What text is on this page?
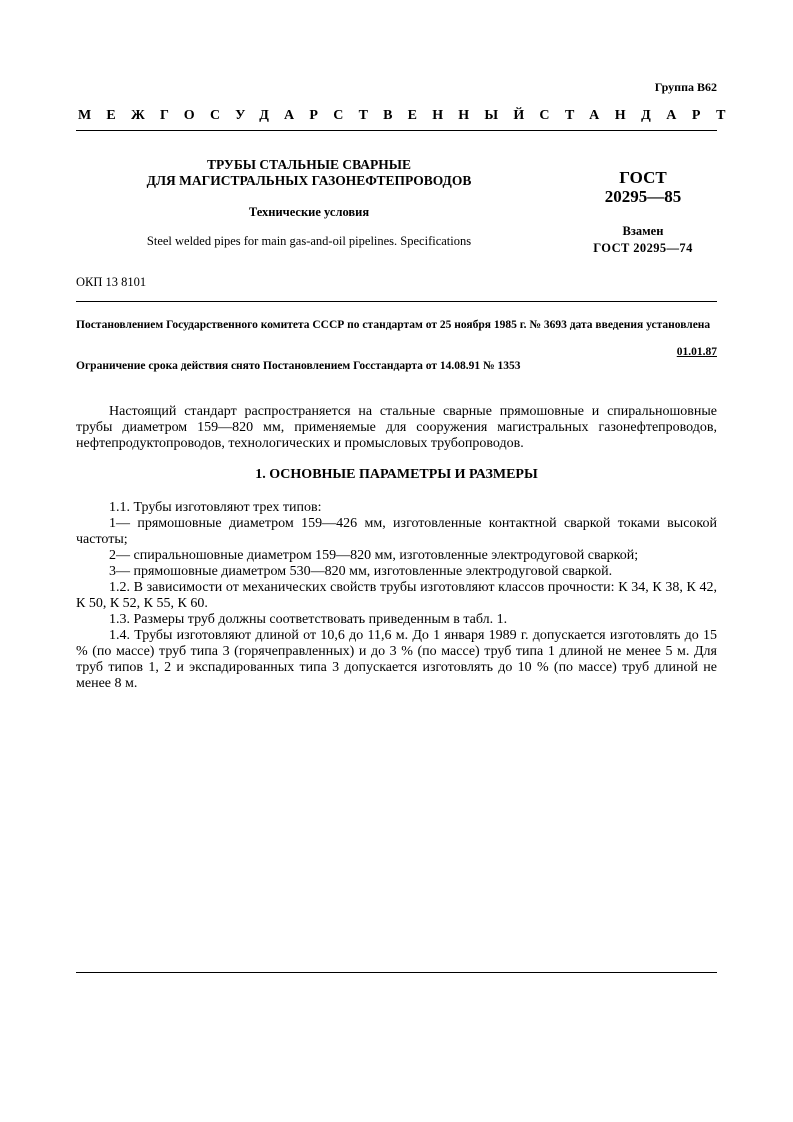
Группа В62
МЕЖГОСУДАРСТВЕННЫЙ СТАНДАРТ
ТРУБЫ СТАЛЬНЫЕ СВАРНЫЕ
ДЛЯ МАГИСТРАЛЬНЫХ ГАЗОНЕФТЕПРОВОДОВ
Технические условия
Steel welded pipes for main gas-and-oil pipelines. Specifications
ГОСТ
20295—85
Взамен
ГОСТ 20295—74
ОКП 13 8101
Постановлением Государственного комитета СССР по стандартам от 25 ноября 1985 г. № 3693 дата введения установлена
01.01.87
Ограничение срока действия снято Постановлением Госстандарта от 14.08.91 № 1353

Настоящий стандарт распространяется на стальные сварные прямошовные и спиральношовные трубы диаметром 159—820 мм, применяемые для сооружения магистральных газонефтепроводов, нефтепродуктопроводов, технологических и промысловых трубопроводов.

1. ОСНОВНЫЕ ПАРАМЕТРЫ И РАЗМЕРЫ

1.1. Трубы изготовляют трех типов:

1— прямошовные диаметром 159—426 мм, изготовленные контактной сваркой токами высокой частоты;

2— спиральношовные диаметром 159—820 мм, изготовленные электродуговой сваркой;

3— прямошовные диаметром 530—820 мм, изготовленные электродуговой сваркой.

1.2. В зависимости от механических свойств трубы изготовляют классов прочности: К 34, К 38, К 42, К 50, К 52, К 55, К 60.

1.3. Размеры труб должны соответствовать приведенным в табл. 1.

1.4. Трубы изготовляют длиной от 10,6 до 11,6 м. До 1 января 1989 г. допускается изготовлять до 15 % (по массе) труб типа 3 (горячеправленных) и до 3 % (по массе) труб типа 1 длиной не менее 5 м. Для труб типов 1, 2 и экспадированных типа 3 допускается изготовлять до 10 % (по массе) труб длиной не менее 8 м.
